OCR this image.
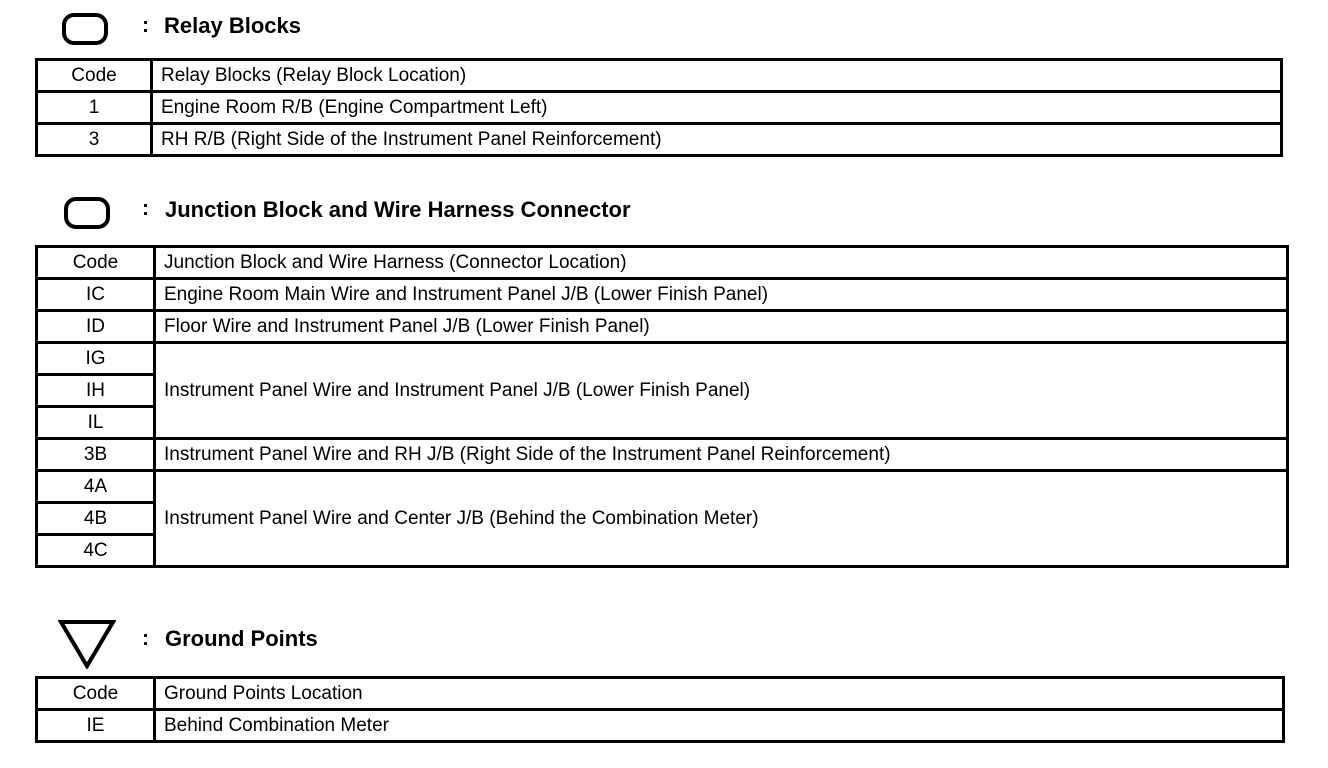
: Relay Blocks
Code	Relay Blocks (Relay Block Location)
1	Engine Room R/B (Engine Compartment Left)
3	RH R/B (Right Side of the Instrument Panel Reinforcement)
: Junction Block and Wire Harness Connector
Code	Junction Block and Wire Harness (Connector Location)
IC	Engine Room Main Wire and Instrument Panel J/B (Lower Finish Panel)
ID	Floor Wire and Instrument Panel J/B (Lower Finish Panel)
IG	Instrument Panel Wire and Instrument Panel J/B (Lower Finish Panel)
IH	
IL	
3B	Instrument Panel Wire and RH J/B (Right Side of the Instrument Panel Reinforcement)
4A	Instrument Panel Wire and Center J/B (Behind the Combination Meter)
4B	
4C	
: Ground Points
Code	Ground Points Location
IE	Behind Combination Meter
